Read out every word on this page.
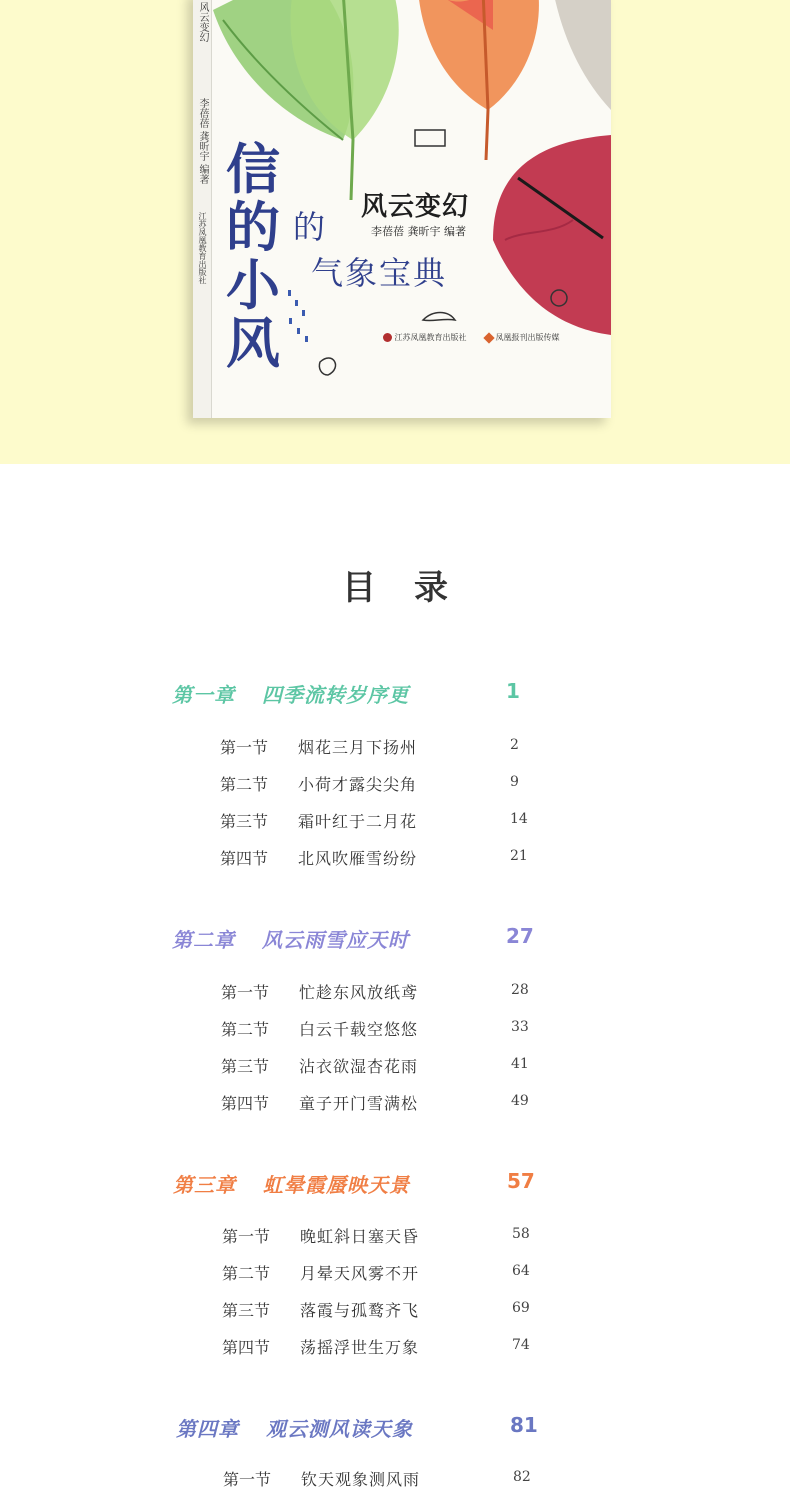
风云变幻
李蓓蓓 龚昕宇 编著
江苏凤凰教育出版社
信的小风
的
气象宝典
风云变幻
李蓓蓓 龚昕宇 编著
江苏凤凰教育出版社	凤凰报刊出版传媒
目录
第一章 四季流转岁序更	1
第一节 烟花三月下扬州	2
第二节 小荷才露尖尖角	9
第三节 霜叶红于二月花	14
第四节 北风吹雁雪纷纷	21
第二章 风云雨雪应天时	27
第一节 忙趁东风放纸鸢	28
第二节 白云千载空悠悠	33
第三节 沾衣欲湿杏花雨	41
第四节 童子开门雪满松	49
第三章 虹晕霞蜃映天景	57
第一节 晚虹斜日塞天昏	58
第二节 月晕天风雾不开	64
第三节 落霞与孤鹜齐飞	69
第四节 荡摇浮世生万象	74
第四章 观云测风读天象	81
第一节 钦天观象测风雨	82
